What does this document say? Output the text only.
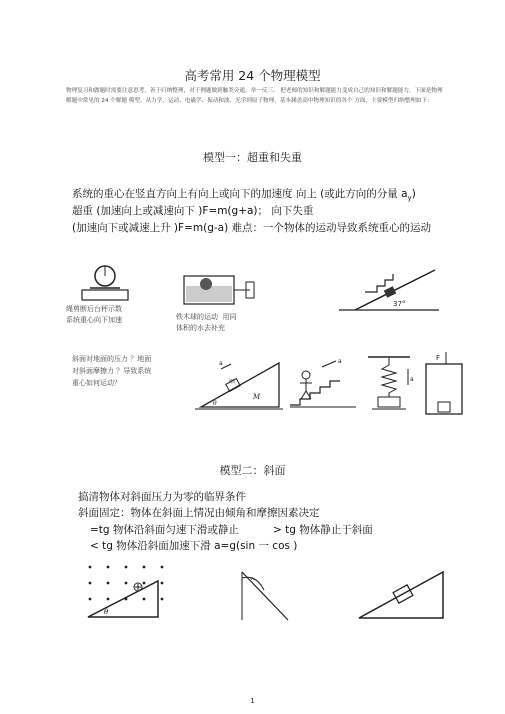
高考常用 24 个物理模型
物理复习和做题时需要注意思考，善于归纳整理，对于例题做到触类旁通，举一反三， 把老师的知识和解题能力变成自己的知识和解题能力，下面是物理解题中常见的 24 个解题 模型，从力学、运动、电磁学、振动和波、光学到原子物理，基本涵盖高中物理知识的各个 方面，主要模型归纳整理如下：
模型一：超重和失重
系统的重心在竖直方向上有向上或向下的加速度 向上 (或此方向的分量 $a_y$)
超重 (加速向上或减速向下 )F=m(g+a)； 向下失重
(加速向下或减速上升 )F=m(g-a) 难点：一个物体的运动导致系统重心的运动
绳剪断后台秤示数
系统重心向下加速	铁木球的运动  用同
体积的水去补充
37°
斜面对地面的压力 ？地面
对斜面摩擦力 ？导致系统
重心如何运动？	m
M
θ
a	a
a
F
模型二：斜面
搞清物体对斜面压力为零的临界条件
斜面固定：物体在斜面上情况由倾角和摩擦因素决定
=tg 物体沿斜面匀速下滑或静止	> tg 物体静止于斜面
< tg 物体沿斜面加速下滑 a=g(sin 一 cos )
θ
v₀
1
